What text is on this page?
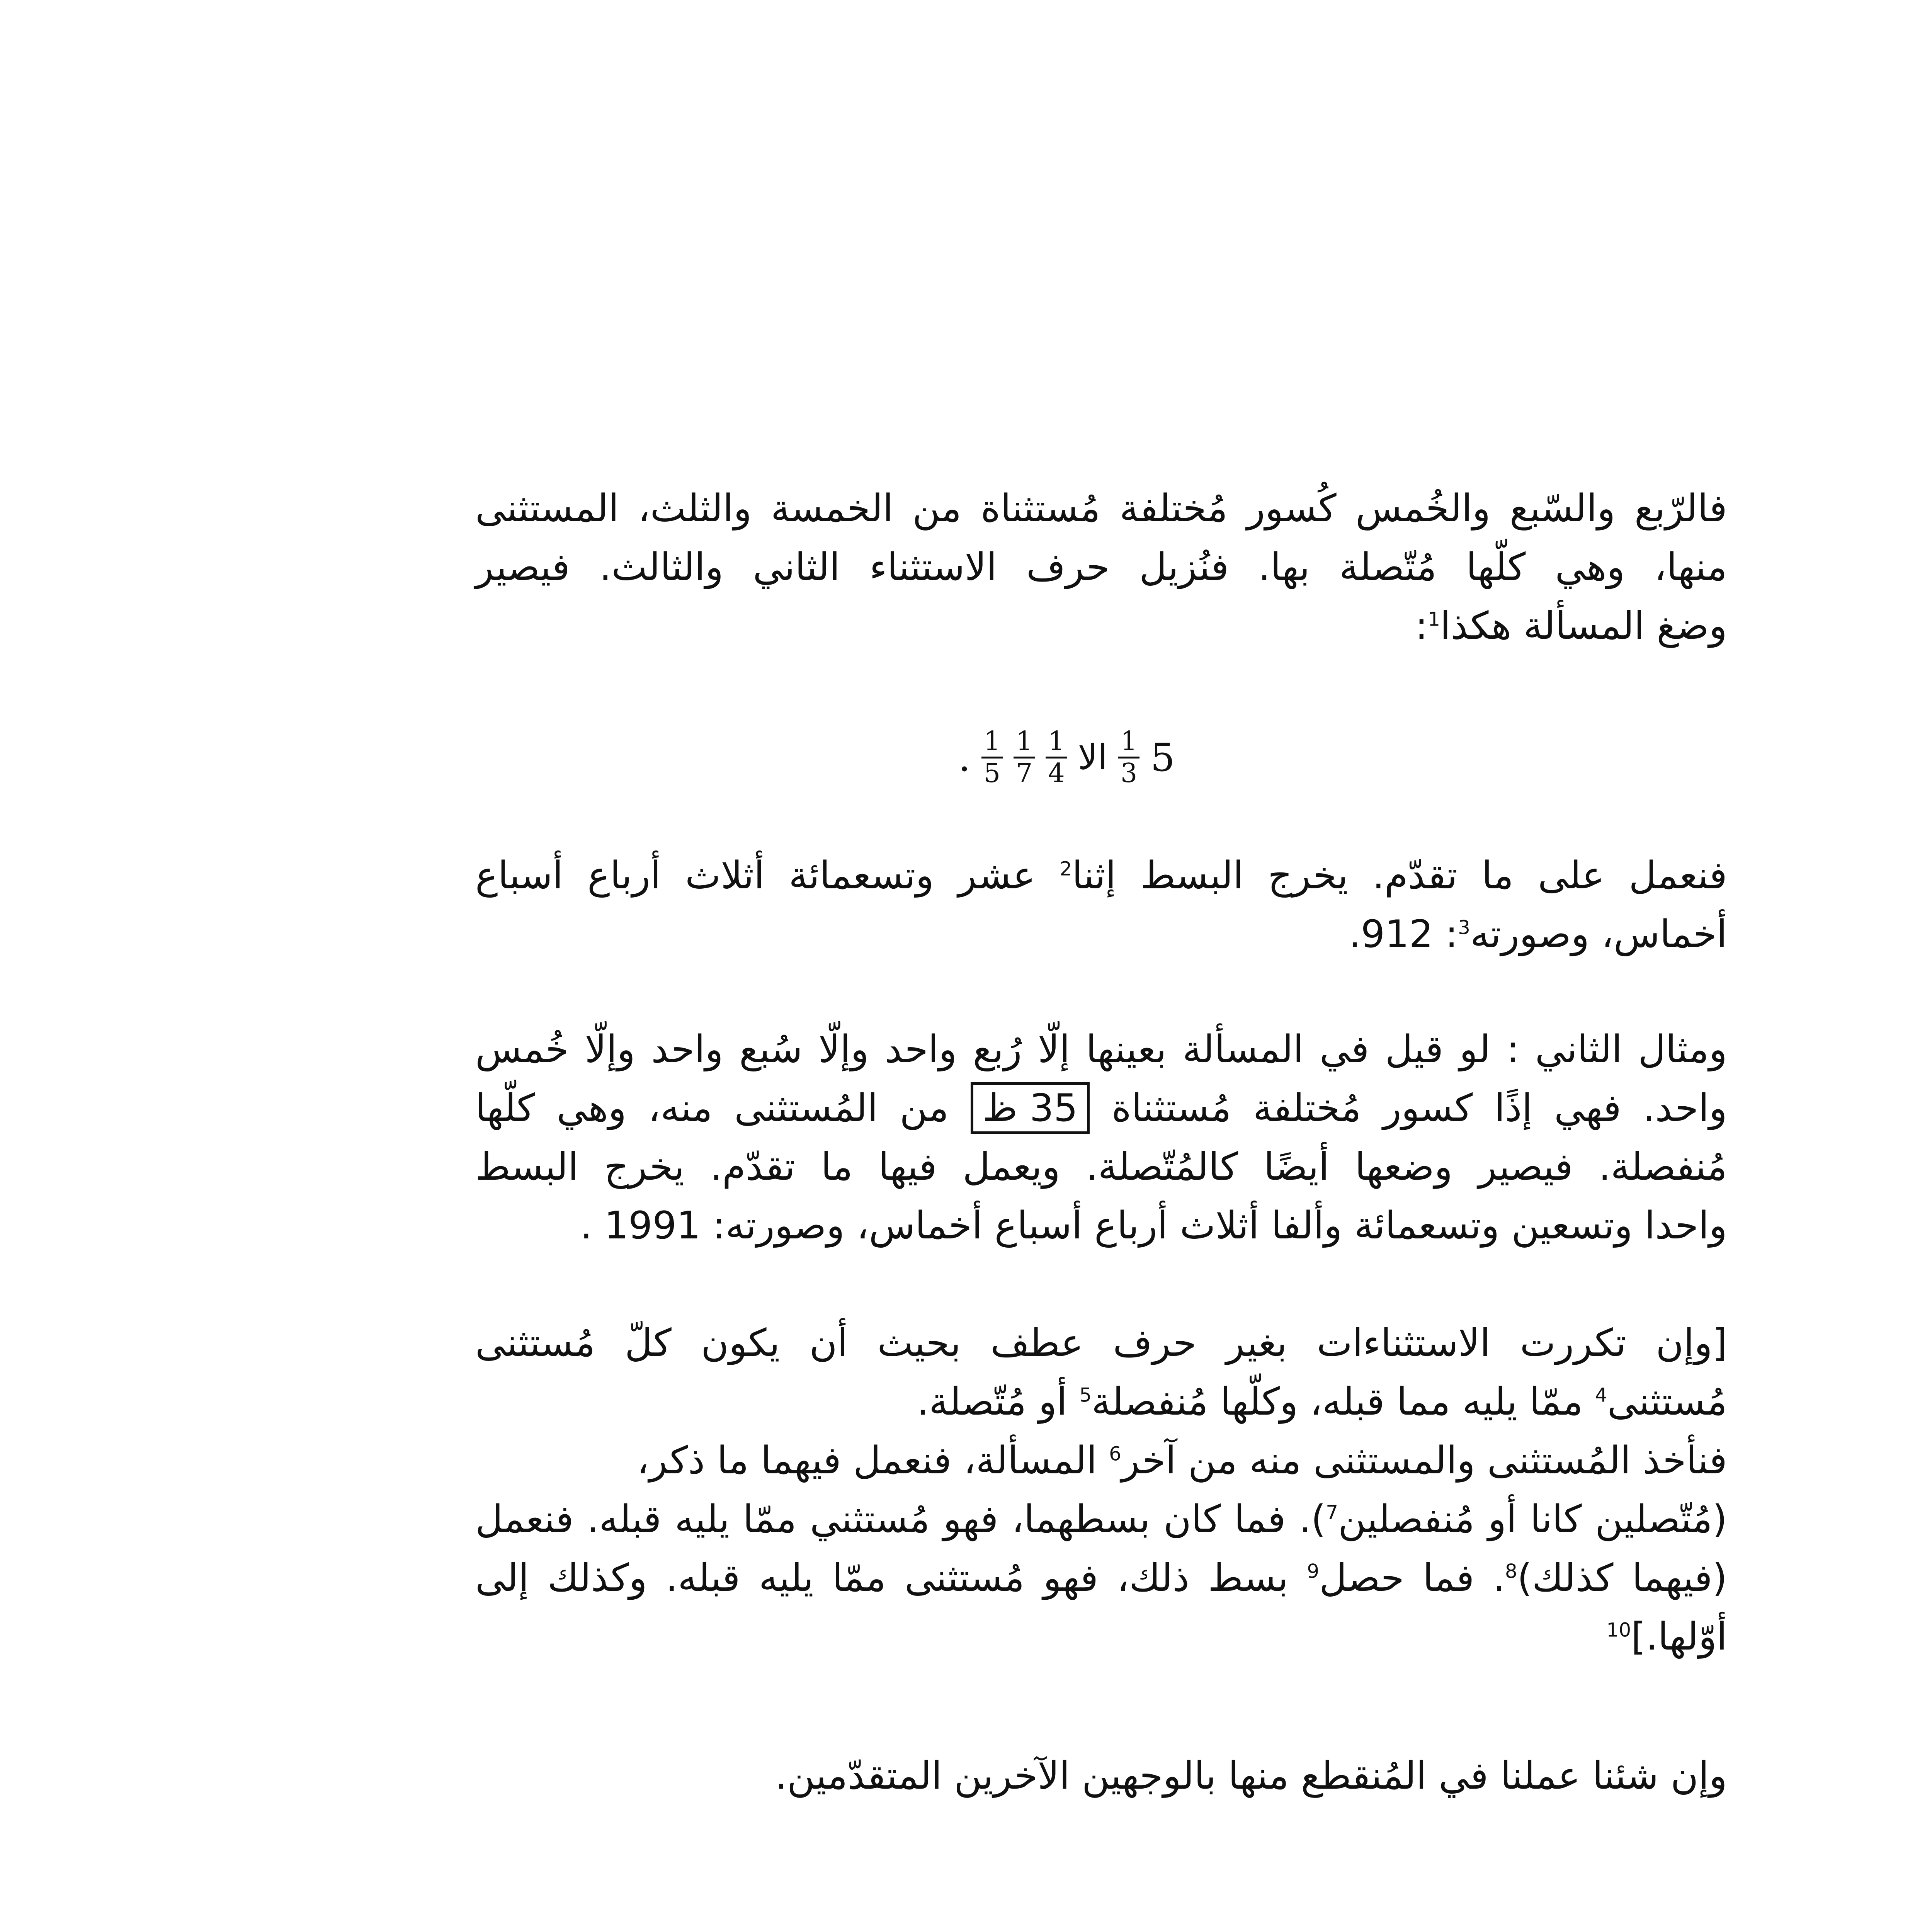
فالرّبع والسّبع والخُمس كُسور مُختلفة مُستثناة من الخمسة والثلث، المستثنى
منها، وهي كلّها مُتّصلة بها. فنُزيل حرف الاستثناء الثاني والثالث. فيصير
وضغ المسألة هكذا$^1$:
. $\frac{1}{5} \frac{1}{7} \frac{1}{4}$ الا $\frac{1}{3} 5$
فنعمل على ما تقدّم. يخرج البسط إثنا$^2$ عشر وتسعمائة أثلاث أرباع أسباع
أخماس، وصورته$^3$: 912.
ومثال الثاني : لو قيل في المسألة بعينها إلّا رُبع واحد وإلّا سُبع واحد وإلّا خُمس
واحد. فهي إذًا كسور مُختلفة مُستثناة 35 ظ من المُستثنى منه، وهي كلّها
مُنفصلة. فيصير وضعها أيضًا كالمُتّصلة. ويعمل فيها ما تقدّم. يخرج البسط
واحدا وتسعين وتسعمائة وألفا أثلاث أرباع أسباع أخماس، وصورته: 1991 .
[وإن تكررت الاستثناءات بغير حرف عطف بحيث أن يكون كلّ مُستثنى
مُستثنى$^4$ ممّا يليه مما قبله، وكلّها مُنفصلة$^5$ أو مُتّصلة.
فنأخذ المُستثنى والمستثنى منه من آخر$^6$ المسألة، فنعمل فيهما ما ذكر،
(مُتّصلين كانا أو مُنفصلين$^7$). فما كان بسطهما، فهو مُستثني ممّا يليه قبله. فنعمل
(فيهما كذلك)$^8$. فما حصل$^9$ بسط ذلك، فهو مُستثنى ممّا يليه قبله. وكذلك إلى
أوّلها.]$^{10}$
وإن شئنا عملنا في المُنقطع منها بالوجهين الآخرين المتقدّمين.
